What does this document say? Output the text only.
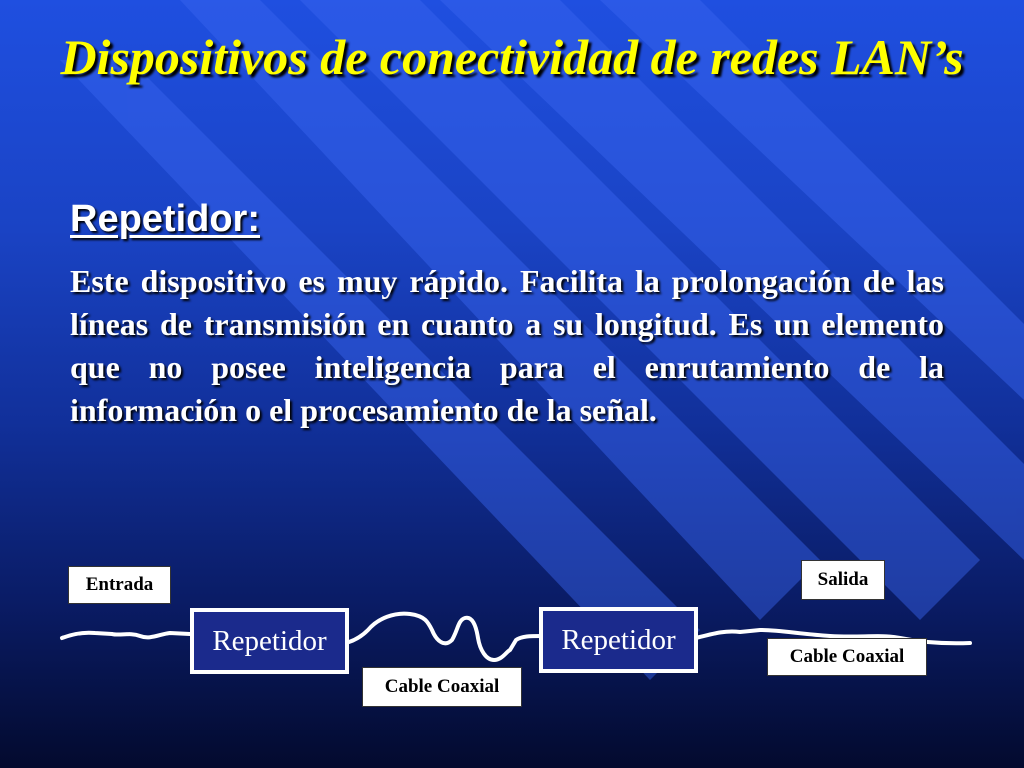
Dispositivos de conectividad de redes LAN’s
Repetidor:
Este dispositivo es muy rápido. Facilita la prolongación de las líneas de transmisión en cuanto a su longitud. Es un elemento que no posee inteligencia para el enrutamiento de la información o el procesamiento de la señal.
Entrada	Salida
Repetidor	Repetidor
Cable Coaxial
Cable Coaxial
